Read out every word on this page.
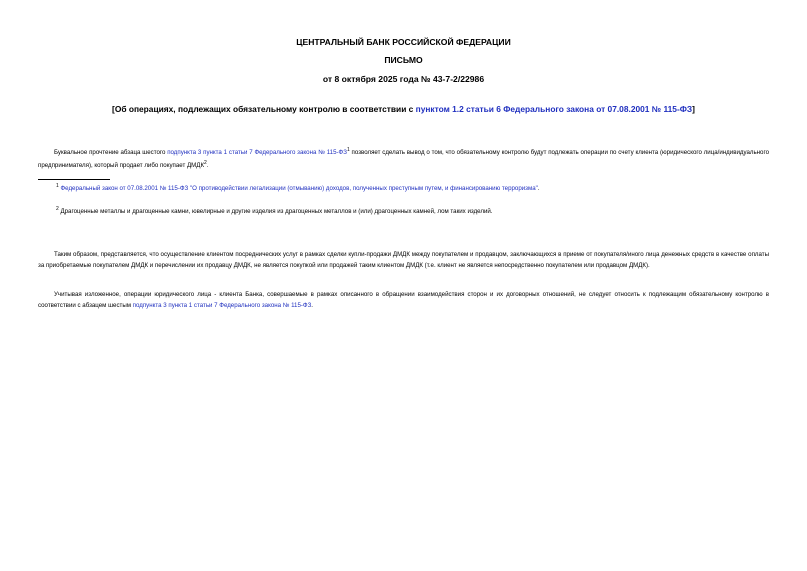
ЦЕНТРАЛЬНЫЙ БАНК РОССИЙСКОЙ ФЕДЕРАЦИИ
ПИСЬМО
от 8 октября 2025 года № 43-7-2/22986
[Об операциях, подлежащих обязательному контролю в соответствии с пунктом 1.2 статьи 6 Федерального закона от 07.08.2001 № 115-ФЗ]
Буквальное прочтение абзаца шестого подпункта 3 пункта 1 статьи 7 Федерального закона № $115-ФЗ^1$ позволяет сделать вывод о том, что обязательному контролю будут подлежать операции по счету клиента (юридического лица/индивидуального предпринимателя), который продает либо покупает ДМДК$^2$.
$^1$ Федеральный закон от 07.08.2001 № 115-ФЗ "О противодействии легализации (отмыванию) доходов, полученных преступным путем, и финансированию терроризма".
$^2$ Драгоценные металлы и драгоценные камни, ювелирные и другие изделия из драгоценных металлов и (или) драгоценных камней, лом таких изделий.
Таким образом, представляется, что осуществление клиентом посреднических услуг в рамках сделки купли-продажи ДМДК между покупателем и продавцом, заключающихся в приеме от покупателя/иного лица денежных средств в качестве оплаты за приобретаемые покупателем ДМДК и перечислении их продавцу ДМДК, не является покупкой или продажей таким клиентом ДМДК (т.е. клиент не является непосредственно покупателем или продавцом ДМДК).
Учитывая изложенное, операции юридического лица - клиента Банка, совершаемые в рамках описанного в обращении взаимодействия сторон и их договорных отношений, не следует относить к подлежащим обязательному контролю в соответствии с абзацем шестым подпункта 3 пункта 1 статьи 7 Федерального закона № 115-ФЗ.
